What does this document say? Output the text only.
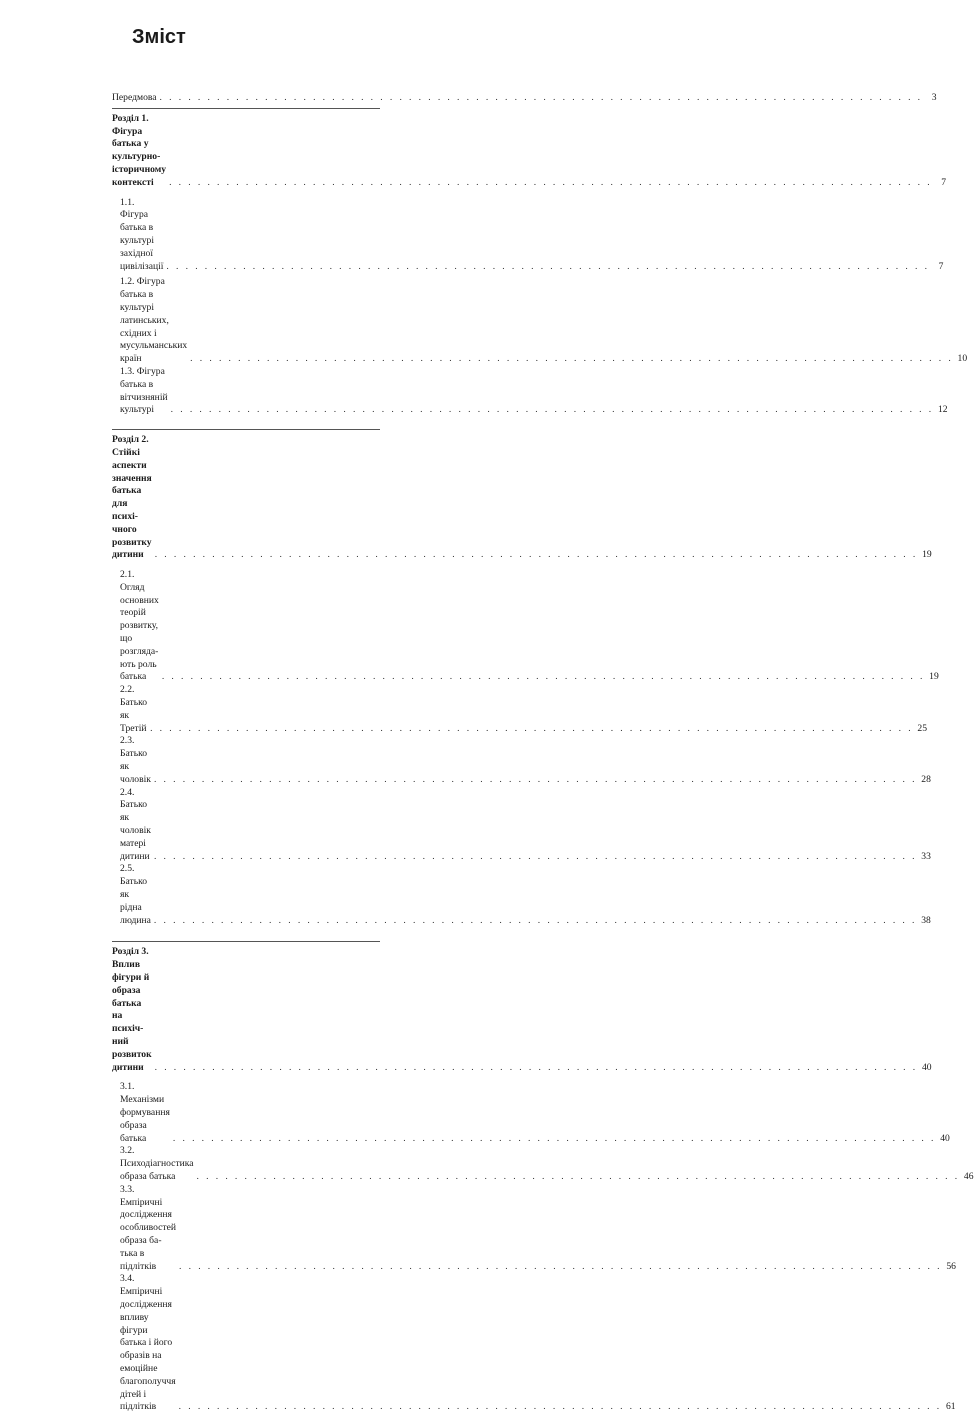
Зміст
Передмова . . .	3
Розділ 1. Фігура батька у культурно-історичному
контексті . . .	7
1.1. Фігура батька в культурі західної цивілізації . . .	7
1.2. Фігура батька в культурі латинських, східних і
мусульманських країн . . .	10
1.3. Фігура батька в вітчизняній культурі . . .	12
Розділ 2. Стійкі аспекти значення батька для психі-
чного розвитку дитини . . .	19
2.1. Огляд основних теорій розвитку, що розглядa-
ють роль батька . . .	19
2.2. Батько як Третій . . .	25
2.3. Батько як чоловік . . .	28
2.4. Батько як чоловік матері дитини . . .	33
2.5. Батько як рідна людина . . .	38
Розділ 3. Вплив фігури й образа батька на психіч-
ний розвиток дитини . . .	40
3.1. Механізми формування образа батька . . .	40
3.2. Психодіагностика образа батька . . .	46
3.3. Емпіричні дослідження особливостей образа ба-
тька в підлітків . . .	56
3.4. Емпіричні дослідження впливу фігури батька і його
образів на емоційне благополуччя дітей і підлітків . . .	61
